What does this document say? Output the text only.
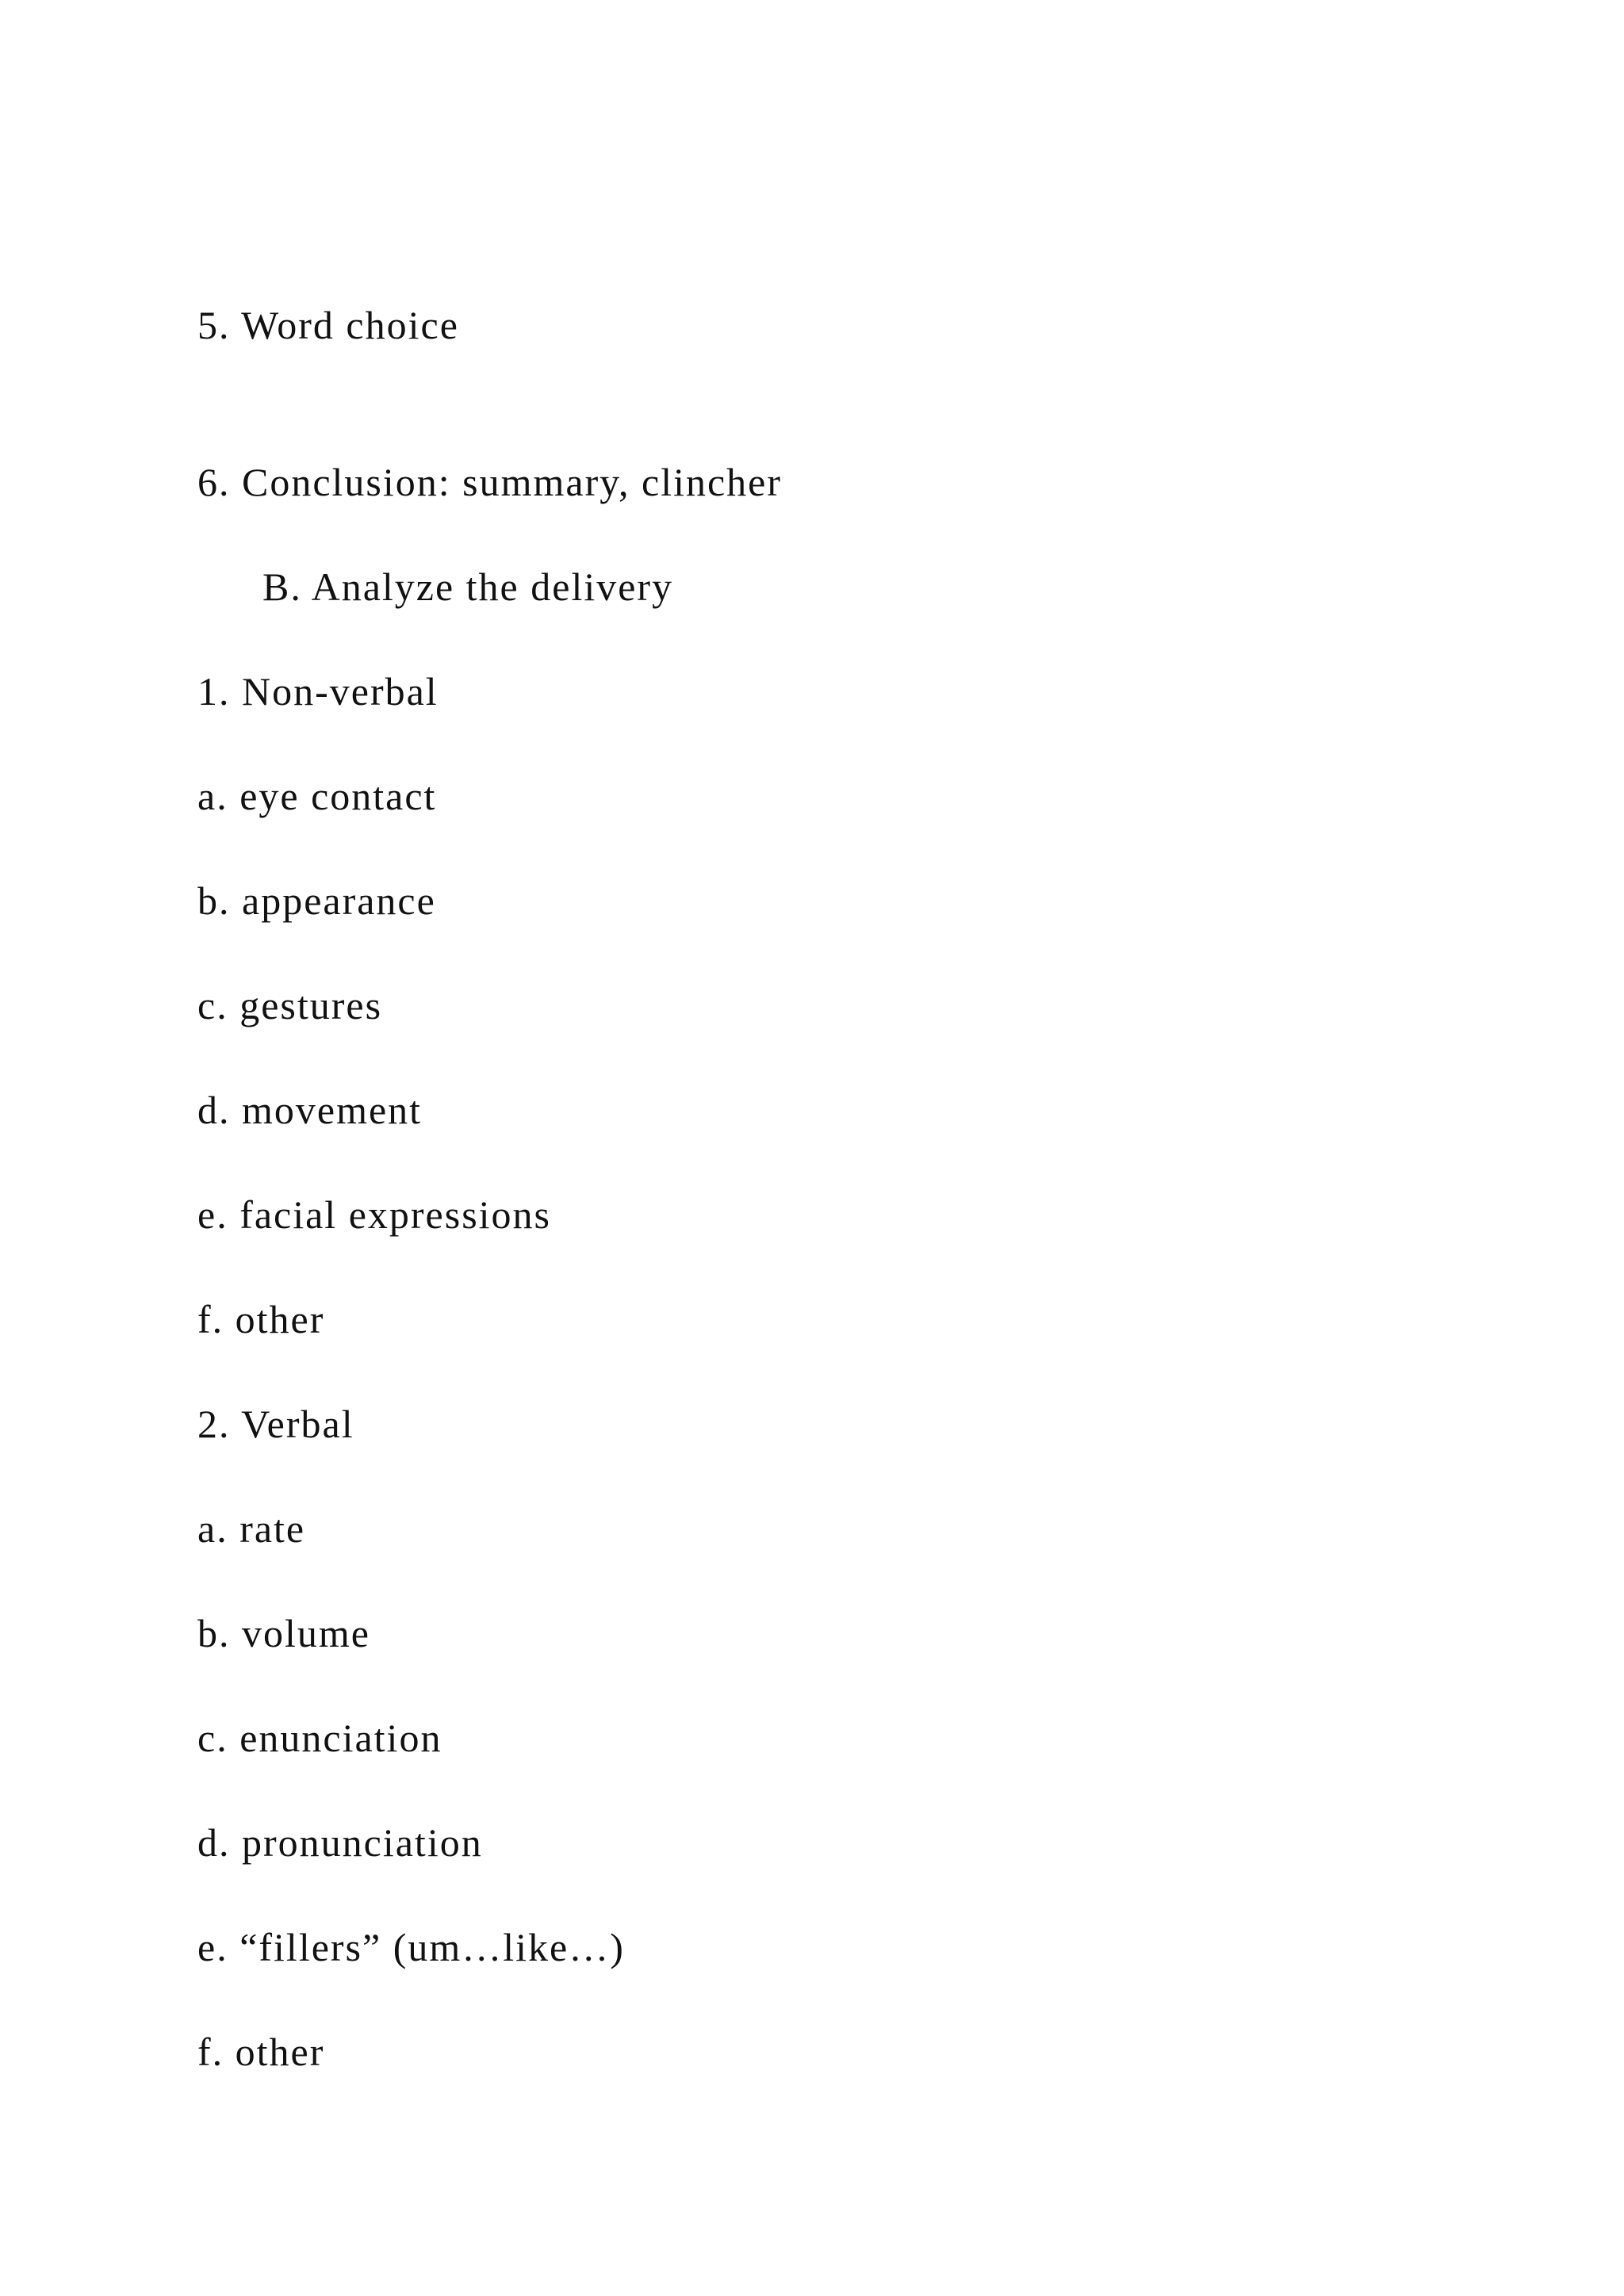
5. Word choice
6. Conclusion: summary, clincher
B. Analyze the delivery
1. Non-verbal
a. eye contact
b. appearance
c. gestures
d. movement
e. facial expressions
f. other
2. Verbal
a. rate
b. volume
c. enunciation
d. pronunciation
e. “fillers” (um…like…)
f. other
